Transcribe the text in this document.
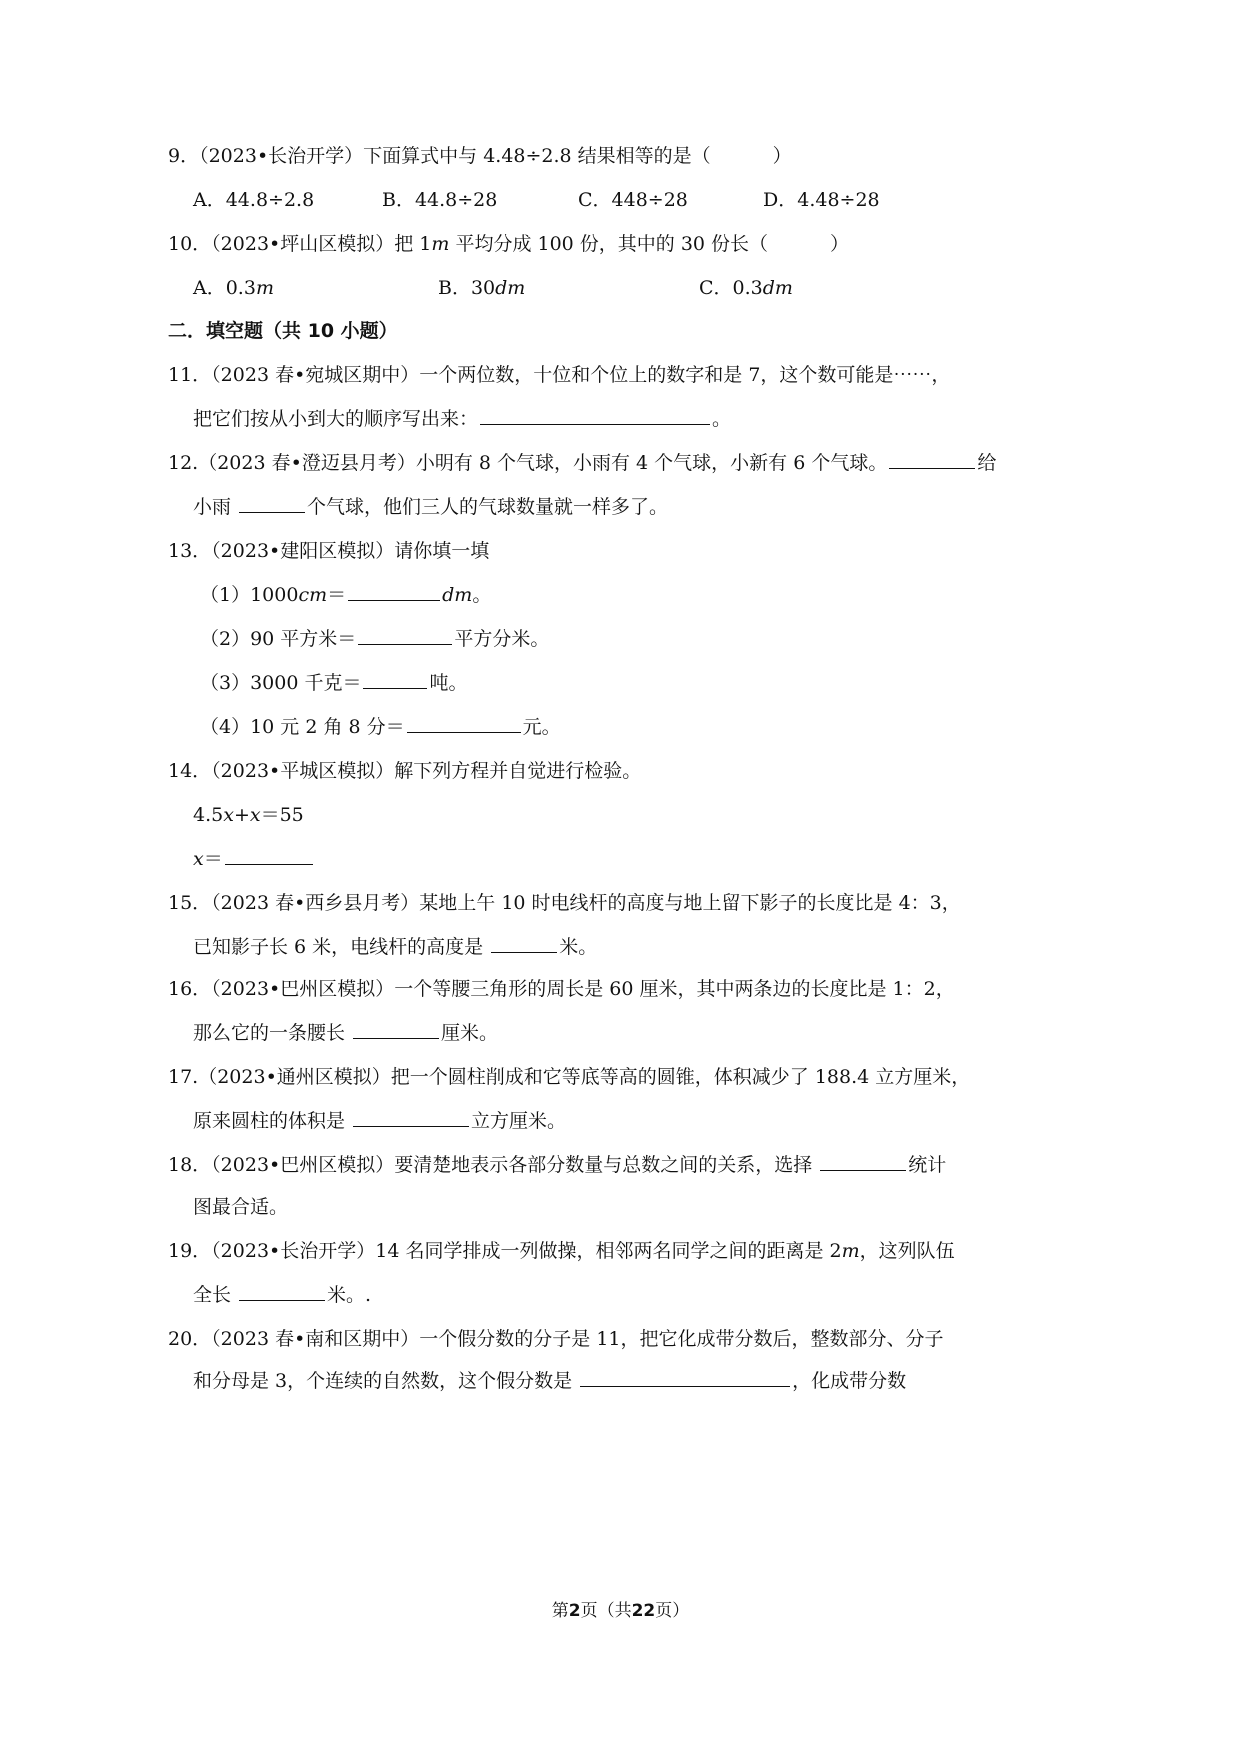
9．（2023•长治开学）下面算式中与 4.48÷2.8 结果相等的是（	）
A．44.8÷2.8	B．44.8÷28	C．448÷28	D．4.48÷28
10．（2023•坪山区模拟）把 1m 平均分成 100 份，其中的 30 份长（	）
A．0.3m	B．30dm	C．0.3dm
二．填空题（共 10 小题）
11．（2023 春•宛城区期中）一个两位数，十位和个位上的数字和是 7，这个数可能是⋯⋯，
把它们按从小到大的顺序写出来：	。
12.（2023 春•澄迈县月考）小明有 8 个气球，小雨有 4 个气球，小新有 6 个气球。	给
小雨	个气球，他们三人的气球数量就一样多了。
13．（2023•建阳区模拟）请你填一填
（1）1000cm＝	dm。
（2）90 平方米＝	平方分米。
（3）3000 千克＝	吨。
（4）10 元 2 角 8 分＝	元。
14．（2023•平城区模拟）解下列方程并自觉进行检验。
4.5x+x＝55
x＝
15．（2023 春•西乡县月考）某地上午 10 时电线杆的高度与地上留下影子的长度比是 4：3，
已知影子长 6 米，电线杆的高度是	米。
16．（2023•巴州区模拟）一个等腰三角形的周长是 60 厘米，其中两条边的长度比是 1：2，
那么它的一条腰长	厘米。
17.（2023•通州区模拟）把一个圆柱削成和它等底等高的圆锥，体积减少了 188.4 立方厘米，
原来圆柱的体积是	立方厘米。
18．（2023•巴州区模拟）要清楚地表示各部分数量与总数之间的关系，选择	统计
图最合适。
19．（2023•长治开学）14 名同学排成一列做操，相邻两名同学之间的距离是 2m，这列队伍
全长	米。.
20．（2023 春•南和区期中）一个假分数的分子是 11，把它化成带分数后，整数部分、分子
和分母是 3，个连续的自然数，这个假分数是	，化成带分数
第2页（共22页）
